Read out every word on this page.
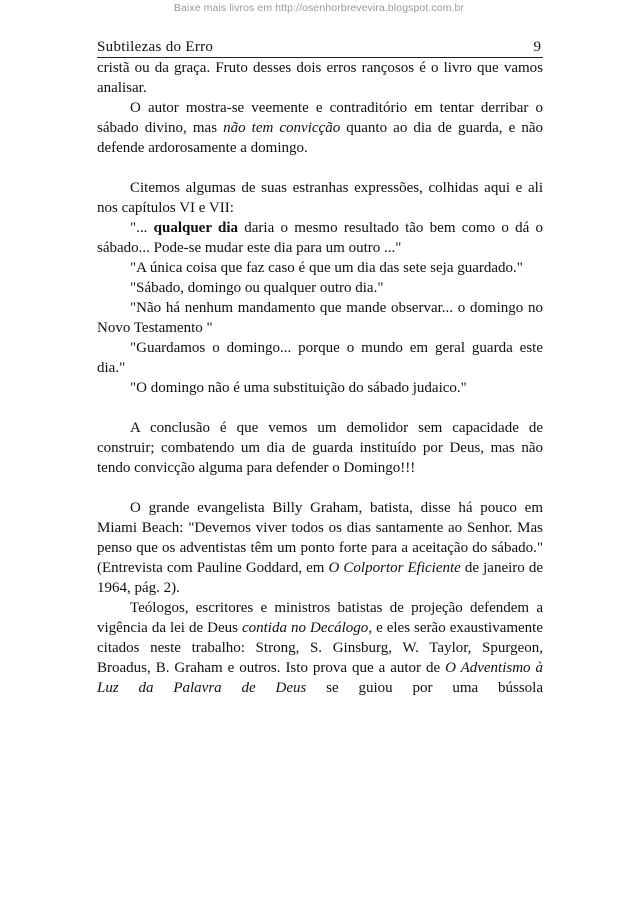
Baixe mais livros em http://osenhorbrevevira.blogspot.com.br
Subtilezas do Erro	9

cristã ou da graça. Fruto desses dois erros rançosos é o livro que vamos analisar.

O autor mostra-se veemente e contraditório em tentar derribar o sábado divino, mas não tem convicção quanto ao dia de guarda, e não defende ardorosamente a domingo.

Citemos algumas de suas estranhas expressões, colhidas aqui e ali nos capítulos VI e VII:

"... qualquer dia daria o mesmo resultado tão bem como o dá o sábado... Pode-se mudar este dia para um outro ..."

"A única coisa que faz caso é que um dia das sete seja guardado."

"Sábado, domingo ou qualquer outro dia."

"Não há nenhum mandamento que mande observar... o domingo no Novo Testamento "

"Guardamos o domingo... porque o mundo em geral guarda este dia."

"O domingo não é uma substituição do sábado judaico."

A conclusão é que vemos um demolidor sem capacidade de construir; combatendo um dia de guarda instituído por Deus, mas não tendo convicção alguma para defender o Domingo!!!

O grande evangelista Billy Graham, batista, disse há pouco em Miami Beach: "Devemos viver todos os dias santamente ao Senhor. Mas penso que os adventistas têm um ponto forte para a aceitação do sábado." (Entrevista com Pauline Goddard, em O Colportor Eficiente de janeiro de 1964, pág. 2).

Teólogos, escritores e ministros batistas de projeção defendem a vigência da lei de Deus contida no Decálogo, e eles serão exaustivamente citados neste trabalho: Strong, S. Ginsburg, W. Taylor, Spurgeon, Broadus, B. Graham e outros. Isto prova que a autor de O Adventismo à Luz da Palavra de Deus se guiou por uma bússola
